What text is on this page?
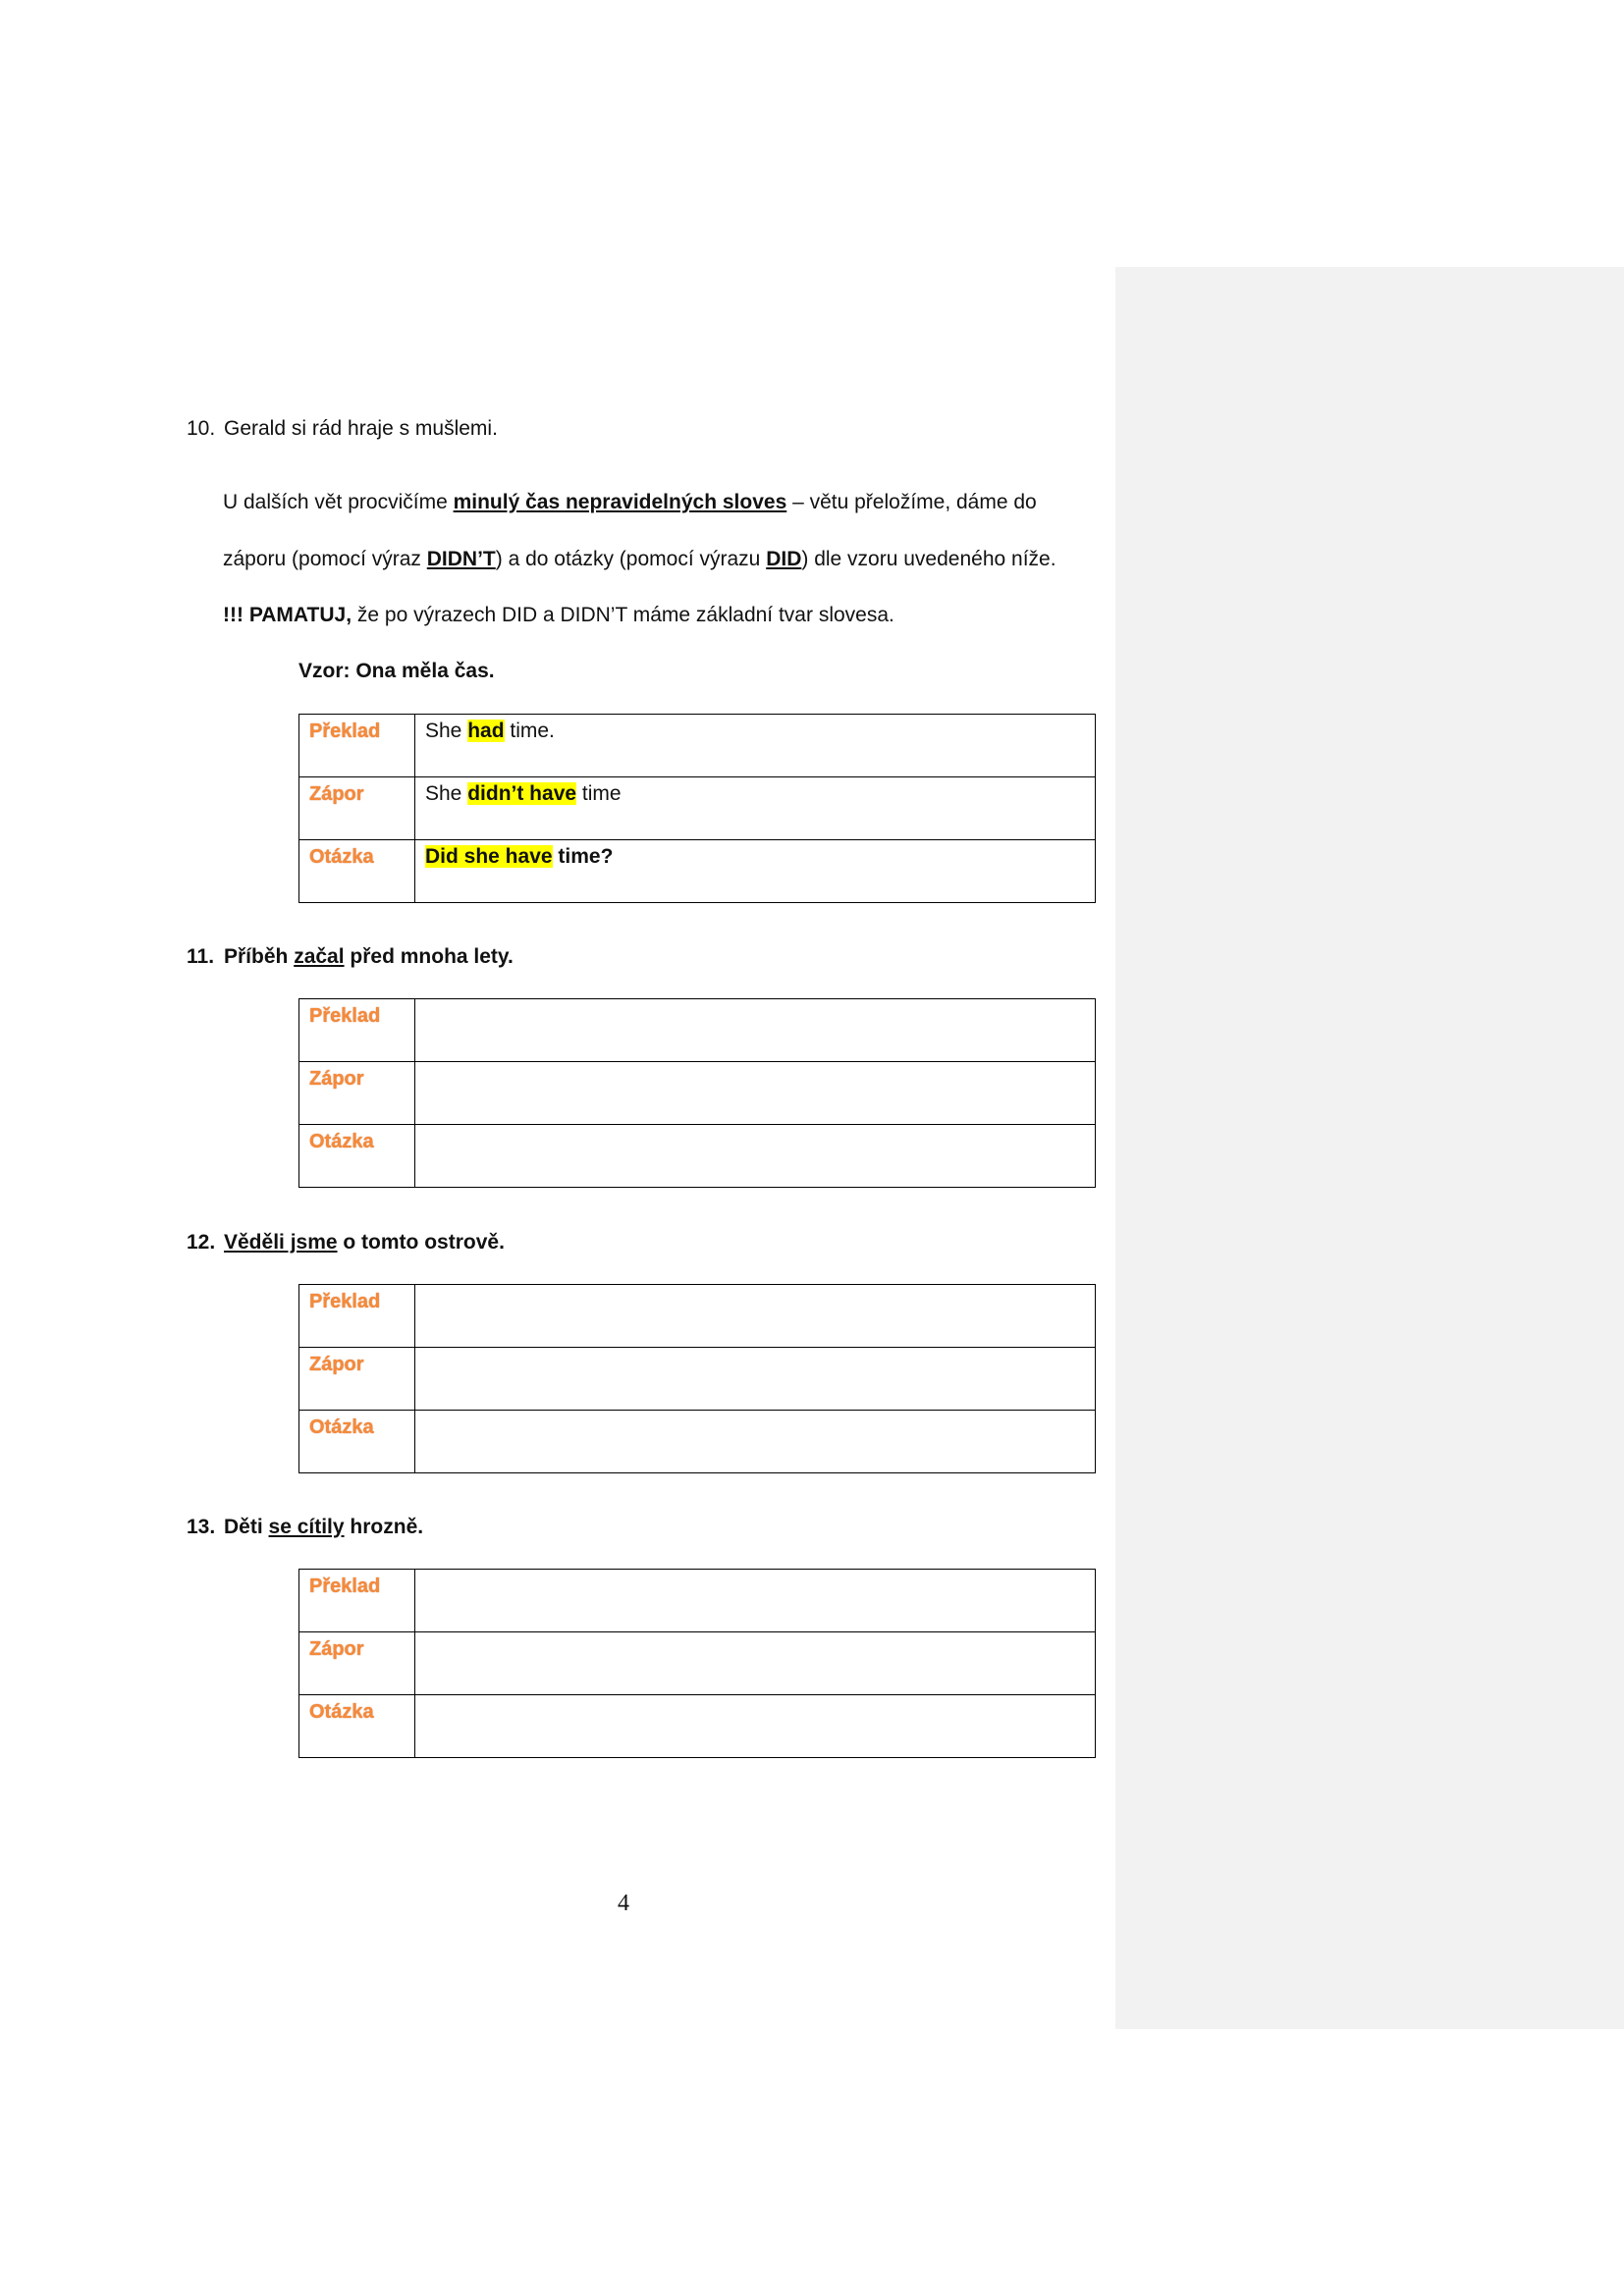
10. Gerald si rád hraje s mušlemi.
U dalších vět procvičíme minulý čas nepravidelných sloves – větu přeložíme, dáme do
záporu (pomocí výraz DIDN’T) a do otázky (pomocí výrazu DID) dle vzoru uvedeného níže.
!!! PAMATUJ, že po výrazech DID a DIDN’T máme základní tvar slovesa.
Vzor: Ona měla čas.
Překlad	She had time.
Zápor	She didn’t have time
Otázka	Did she have time?
11. Příběh začal před mnoha lety.
Překlad	
Zápor	
Otázka	
12. Věděli jsme o tomto ostrově.
Překlad	
Zápor	
Otázka	
13. Děti se cítily hrozně.
Překlad	
Zápor	
Otázka	
4
